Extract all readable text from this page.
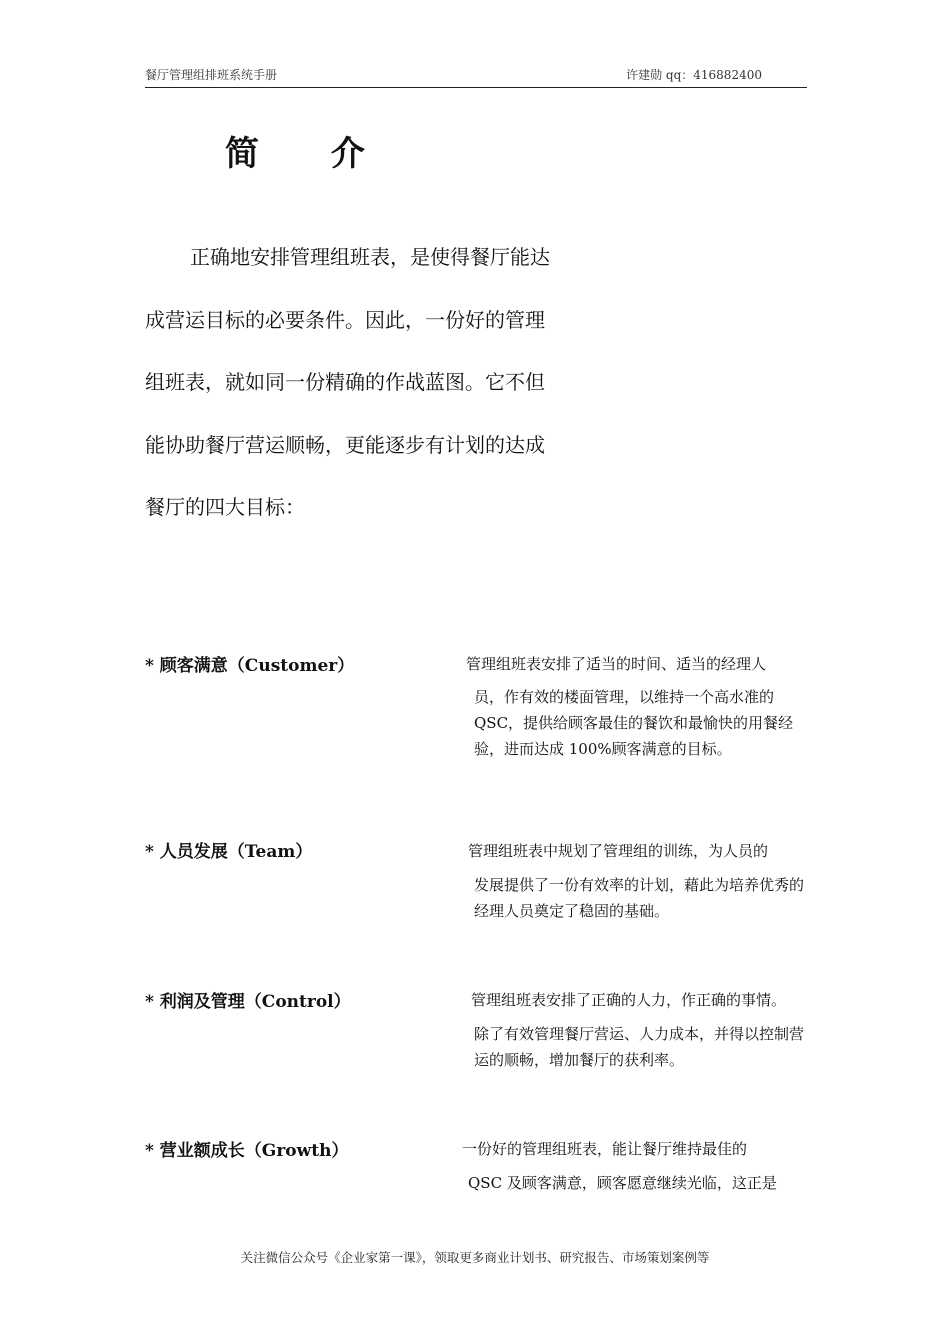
餐厅管理组排班系统手册	许建勋 qq：416882400
简 介

正确地安排管理组班表，是使得餐厅能达成营运目标的必要条件。因此，一份好的管理组班表，就如同一份精确的作战蓝图。它不但能协助餐厅营运顺畅，更能逐步有计划的达成餐厅的四大目标：

* 顾客满意（Customer）	管理组班表安排了适当的时间、适当的经理人
员，作有效的楼面管理，以维持一个高水准的 QSC，提供给顾客最佳的餐饮和最愉快的用餐经验，进而达成 100%顾客满意的目标。
* 人员发展（Team）	管理组班表中规划了管理组的训练，为人员的
发展提供了一份有效率的计划，藉此为培养优秀的经理人员奠定了稳固的基础。
* 利润及管理（Control）	管理组班表安排了正确的人力，作正确的事情。
除了有效管理餐厅营运、人力成本，并得以控制营运的顺畅，增加餐厅的获利率。
* 营业额成长（Growth）	一份好的管理组班表，能让餐厅维持最佳的
QSC 及顾客满意，顾客愿意继续光临，这正是
关注微信公众号《企业家第一课》，领取更多商业计划书、研究报告、市场策划案例等
